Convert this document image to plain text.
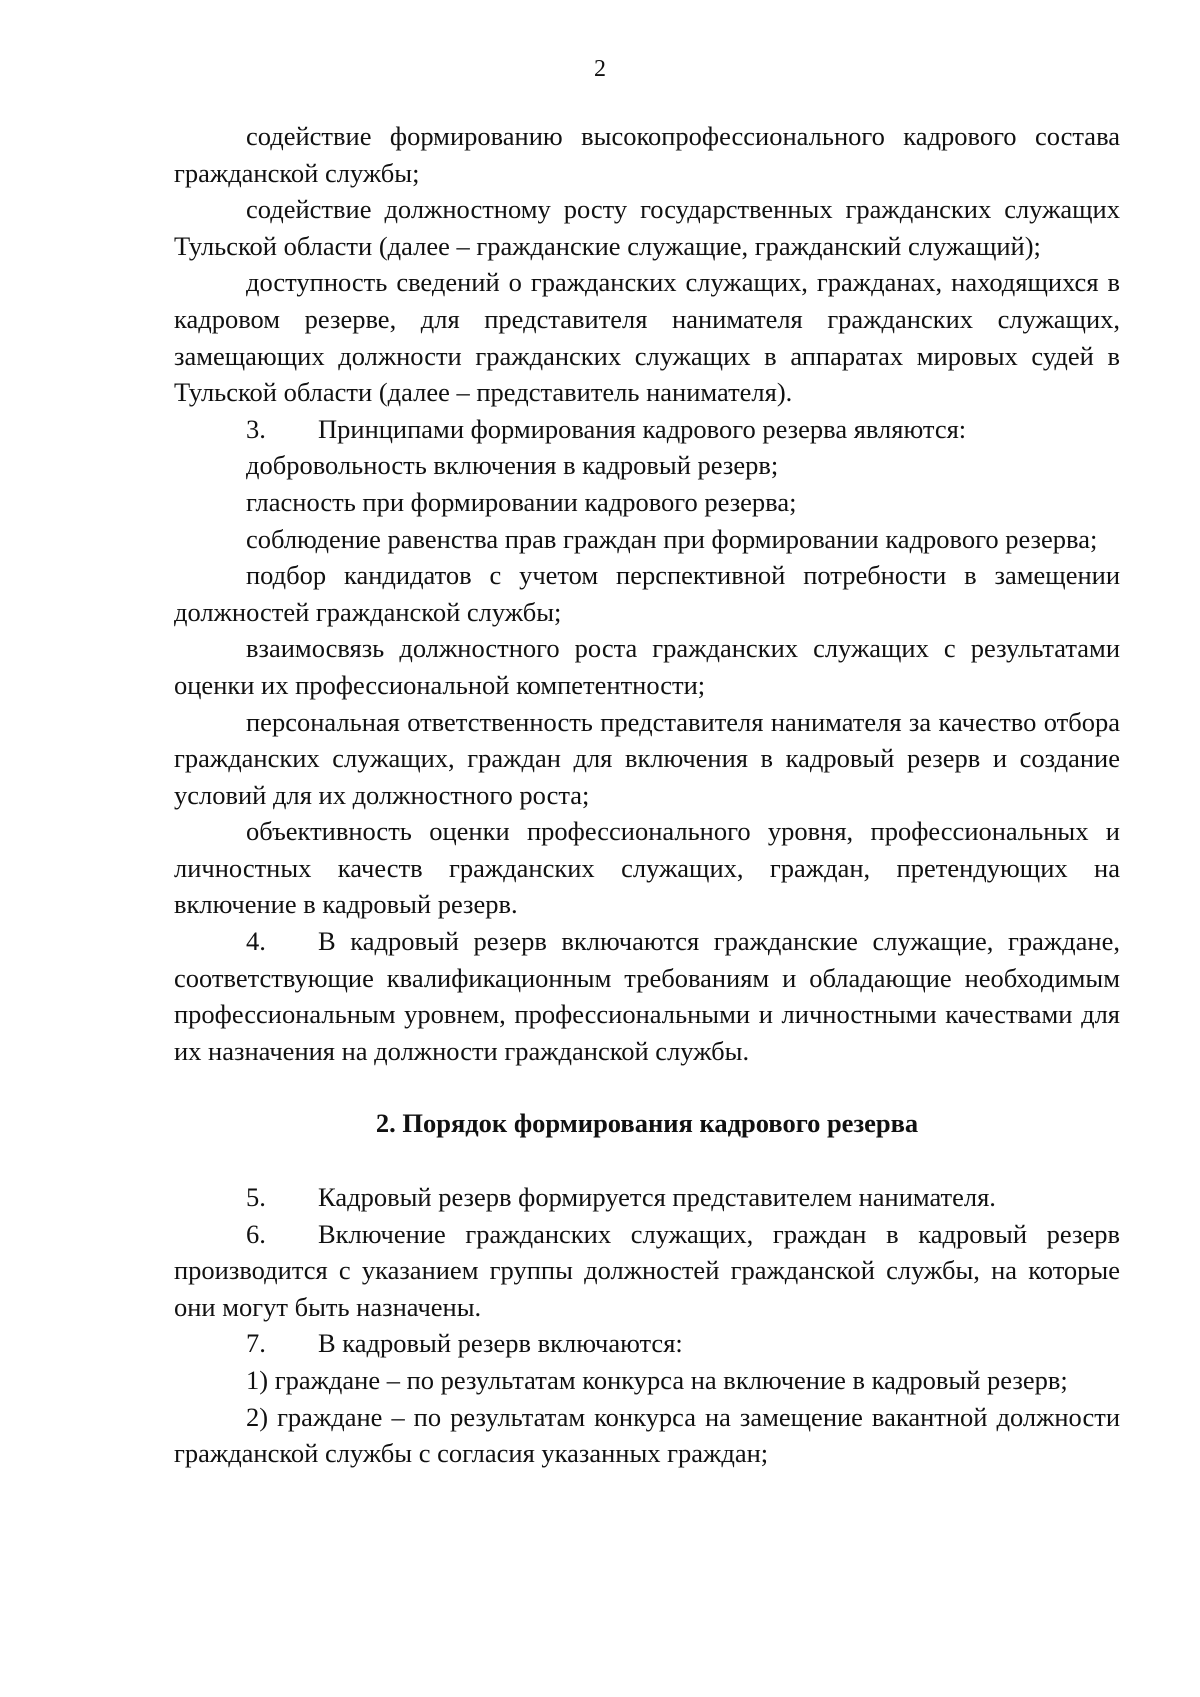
2

содействие формированию высокопрофессионального кадрового состава гражданской службы;

содействие должностному росту государственных гражданских служащих Тульской области (далее – гражданские служащие, гражданский служащий);

доступность сведений о гражданских служащих, гражданах, находящихся в кадровом резерве, для представителя нанимателя гражданских служащих, замещающих должности гражданских служащих в аппаратах мировых судей в Тульской области (далее – представитель нанимателя).

3. Принципами формирования кадрового резерва являются:

добровольность включения в кадровый резерв;

гласность при формировании кадрового резерва;

соблюдение равенства прав граждан при формировании кадрового резерва;

подбор кандидатов с учетом перспективной потребности в замещении должностей гражданской службы;

взаимосвязь должностного роста гражданских служащих с результатами оценки их профессиональной компетентности;

персональная ответственность представителя нанимателя за качество отбора гражданских служащих, граждан для включения в кадровый резерв и создание условий для их должностного роста;

объективность оценки профессионального уровня, профессиональных и личностных качеств гражданских служащих, граждан, претендующих на включение в кадровый резерв.

4. В кадровый резерв включаются гражданские служащие, граждане, соответствующие квалификационным требованиям и обладающие необходимым профессиональным уровнем, профессиональными и личностными качествами для их назначения на должности гражданской службы.

2. Порядок формирования кадрового резерва

5. Кадровый резерв формируется представителем нанимателя.

6. Включение гражданских служащих, граждан в кадровый резерв производится с указанием группы должностей гражданской службы, на которые они могут быть назначены.

7. В кадровый резерв включаются:

1) граждане – по результатам конкурса на включение в кадровый резерв;

2) граждане – по результатам конкурса на замещение вакантной должности гражданской службы с согласия указанных граждан;
